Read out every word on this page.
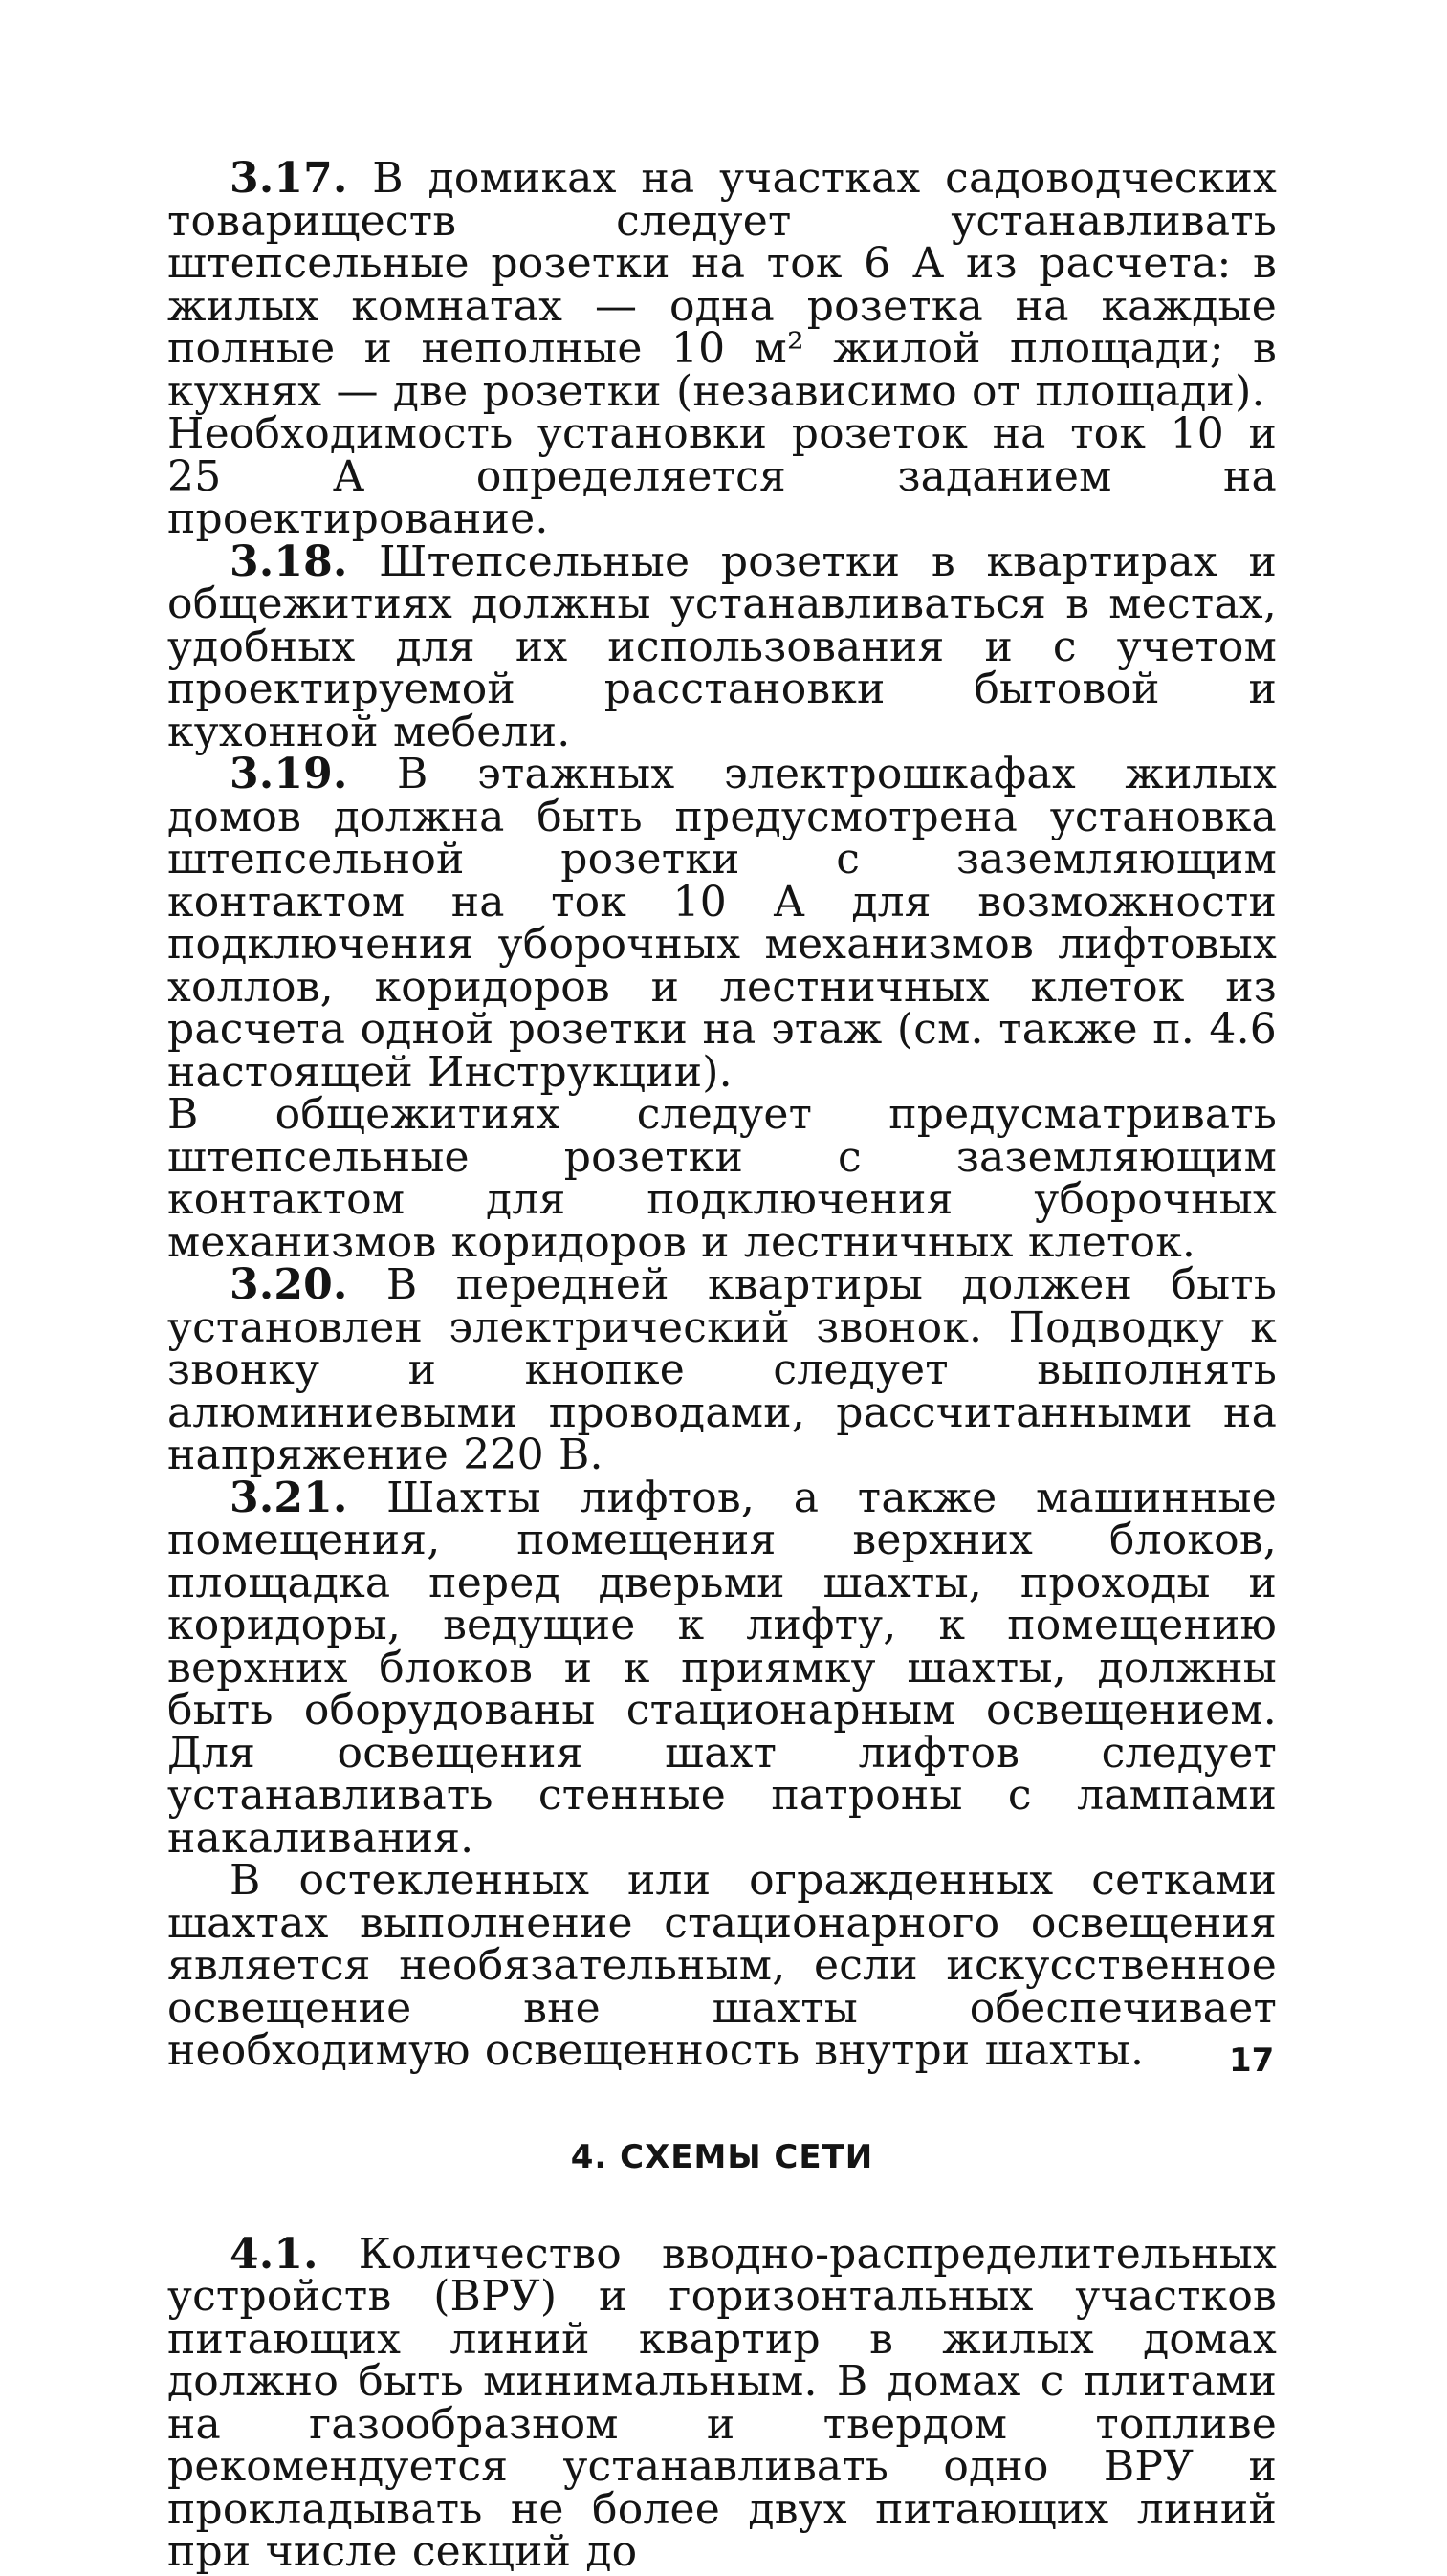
3.17. В домиках на участках садоводческих товариществ следует устанавливать штепсельные розетки на ток 6 А из расчета: в жилых комнатах — одна розетка на каждые полные и неполные 10 м² жилой площади; в кухнях — две розетки (независимо от площади).

Необходимость установки розеток на ток 10 и 25 А определяется заданием на проектирование.

3.18. Штепсельные розетки в квартирах и общежитиях должны устанавливаться в местах, удобных для их использования и с учетом проектируемой расстановки бытовой и кухонной мебели.

3.19. В этажных электрошкафах жилых домов должна быть предусмотрена установка штепсельной розетки с заземляющим контактом на ток 10 А для возможности подключения уборочных механизмов лифтовых холлов, коридоров и лестничных клеток из расчета одной розетки на этаж (см. также п. 4.6 настоящей Инструкции).

В общежитиях следует предусматривать штепсельные розетки с заземляющим контактом для подключения уборочных механизмов коридоров и лестничных клеток.

3.20. В передней квартиры должен быть установлен электрический звонок. Подводку к звонку и кнопке следует выполнять алюминиевыми проводами, рассчитанными на напряжение 220 В.

3.21. Шахты лифтов, а также машинные помещения, помещения верхних блоков, площадка перед дверьми шахты, проходы и коридоры, ведущие к лифту, к помещению верхних блоков и к приямку шахты, должны быть оборудованы стационарным освещением. Для освещения шахт лифтов следует устанавливать стенные патроны с лампами накаливания.

В остекленных или огражденных сетками шахтах выполнение стационарного освещения является необязательным, если искусственное освещение вне шахты обеспечивает необходимую освещенность внутри шахты.

4. СХЕМЫ СЕТИ

4.1. Количество вводно-распределительных устройств (ВРУ) и горизонтальных участков питающих линий квартир в жилых домах должно быть минимальным. В домах с плитами на газообразном и твердом топливе рекомендуется устанавливать одно ВРУ и прокладывать не более двух питающих линий при числе секций до

17
